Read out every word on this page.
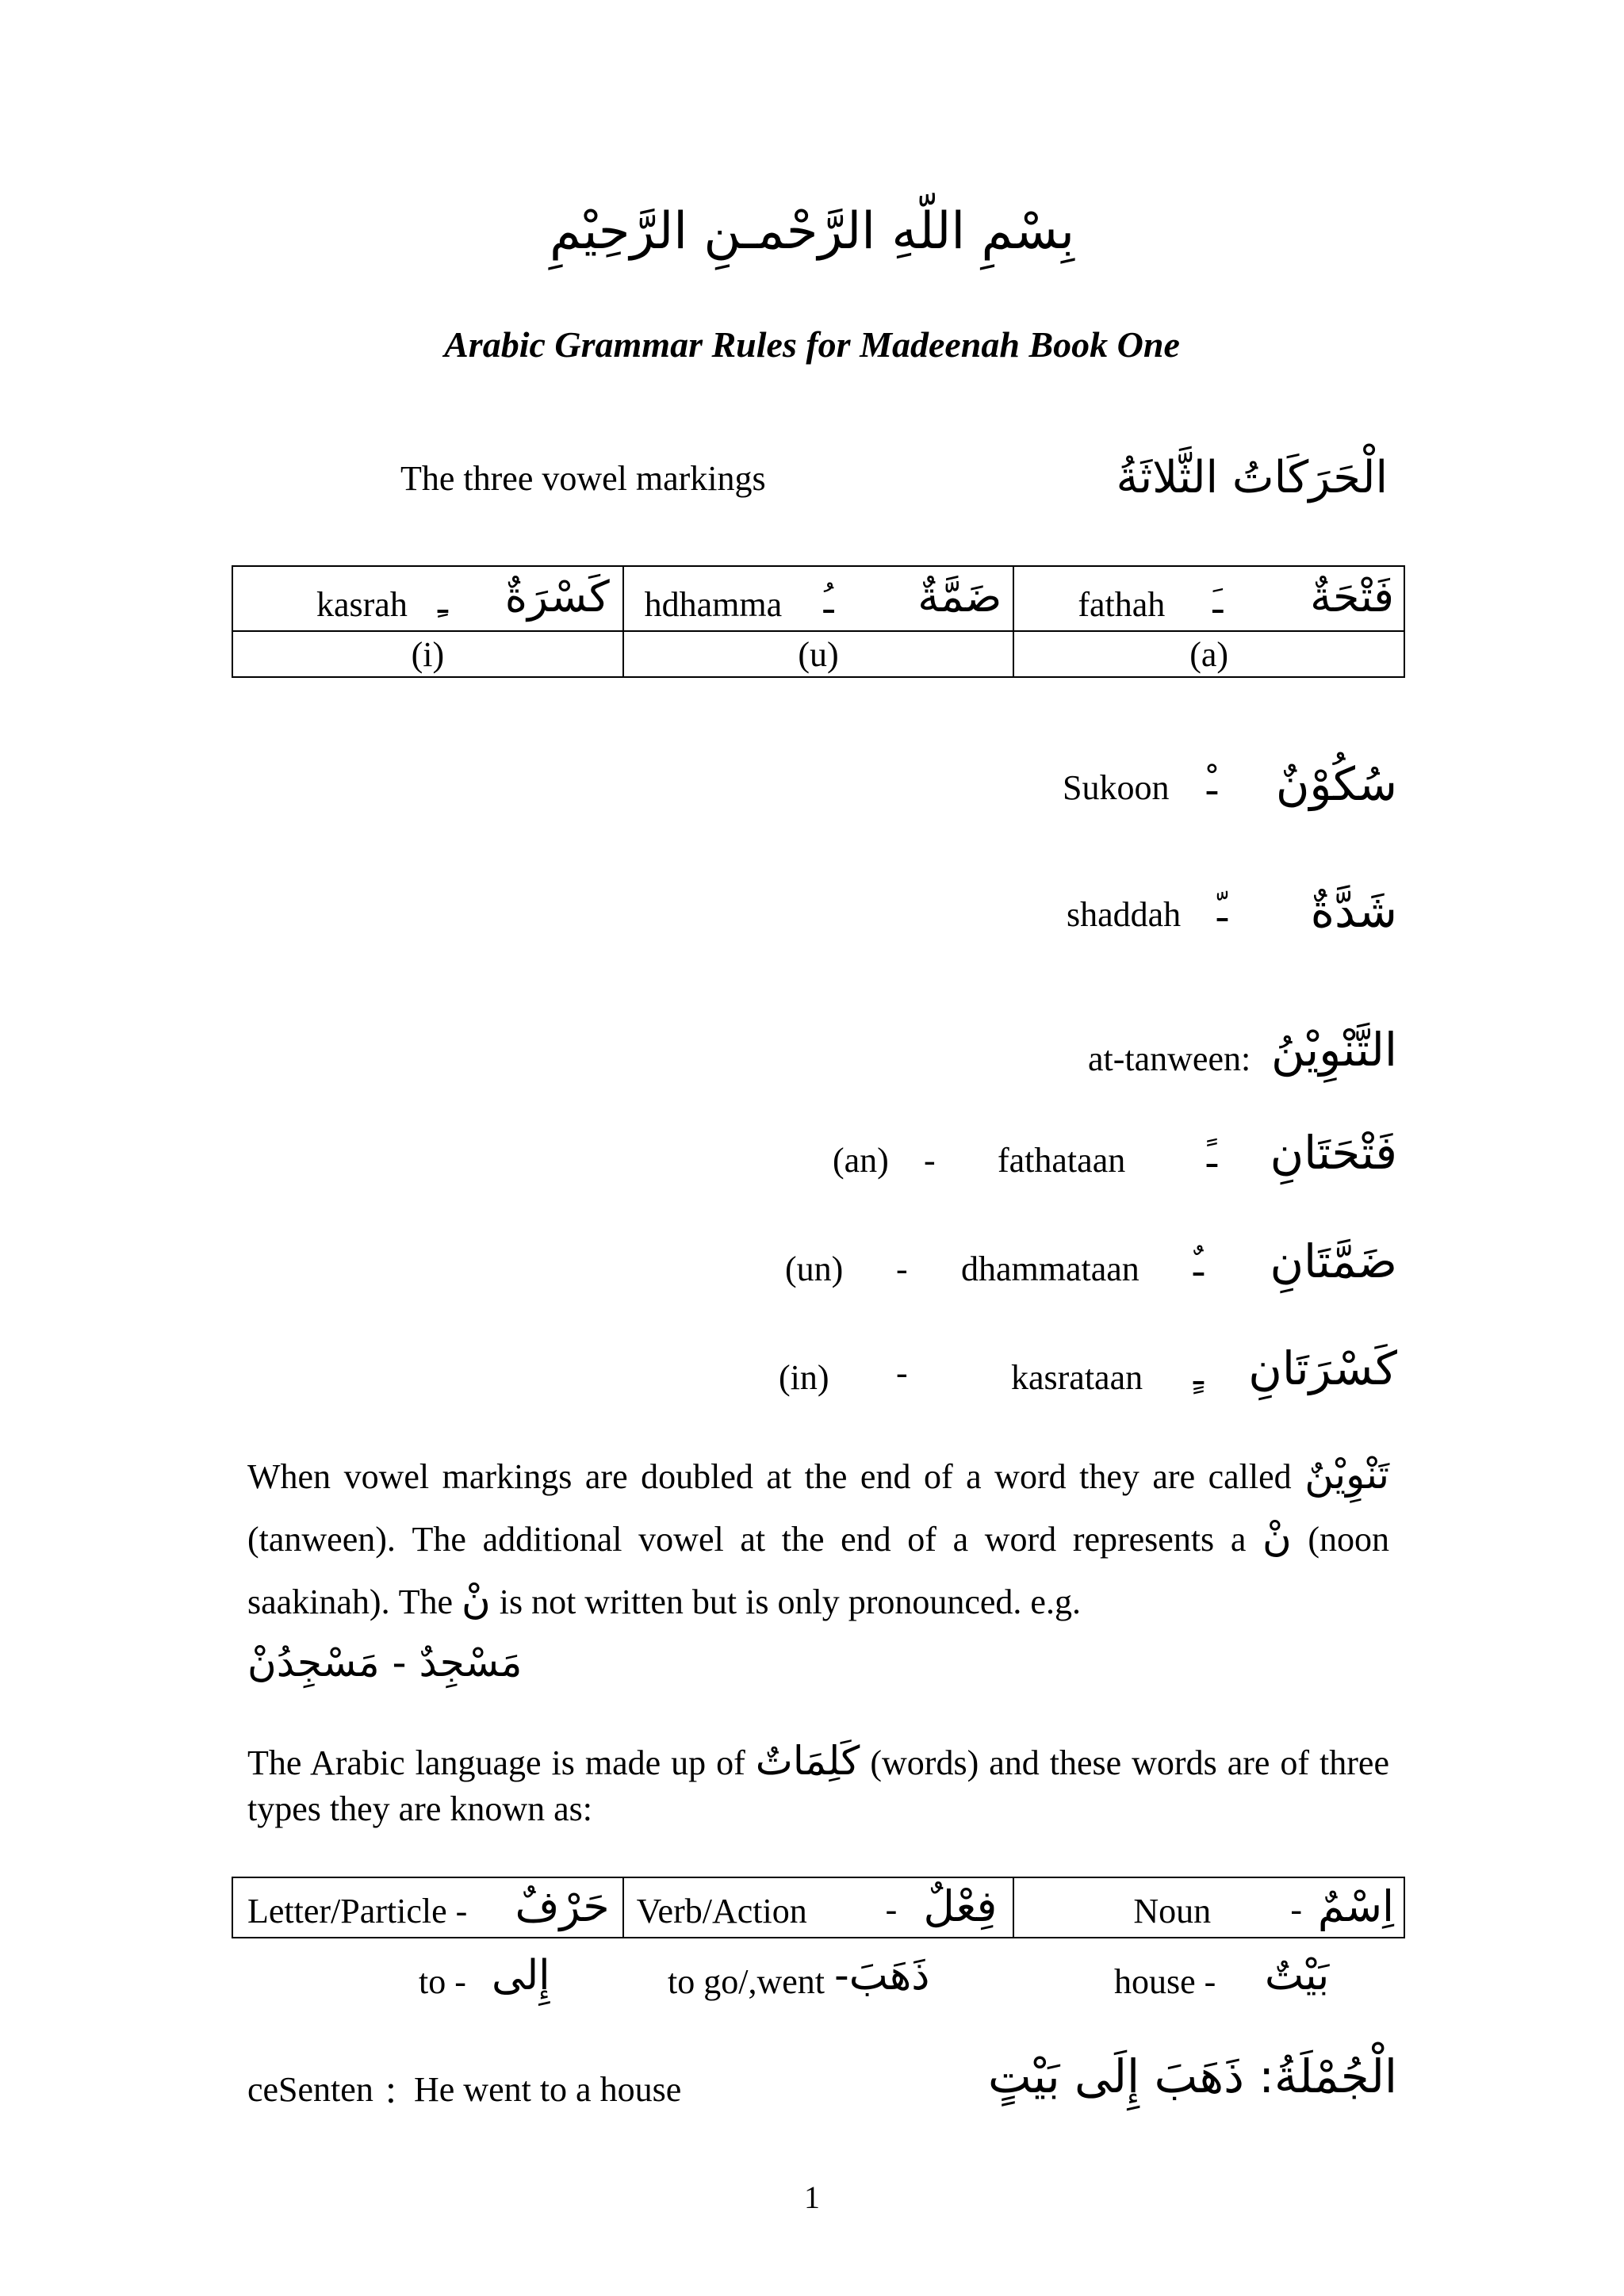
بِسْمِ اللّهِ الرَّحْمـنِ الرَّحِيْمِ
Arabic Grammar Rules for Madeenah Book One
The three vowel markings	الْحَرَكَاتُ الثَّلاثَةُ
kasrah ـِ كَسْرَةٌ	hdhamma ـُ ضَمَّةٌ	fathah ـَ فَتْحَةٌ

(i)	(u)	(a)
Sukoon ـْ	سُكُوْنٌ
shaddah ـّ	شَدَّةٌ
at-tanween: التَّنْوِيْنُ
(an) - fathataan ـً	فَتْحَتَانِ
(un) - dhammataan ـٌ	ضَمَّتَانِ
(in) -	kasrataan ـٍ كَسْرَتَانِ
When vowel markings are doubled at the end of a word they are called تَنْوِيْنٌ (tanween). The additional vowel at the end of a word represents a نْ (noon saakinah). The نْ is not written but is only pronounced. e.g.
مَسْجِدٌ - مَسْجِدُنْ
The Arabic language is made up of كَلِمَاتٌ (words) and these words are of three types they are known as:
Letter/Particle - حَرْفٌ	Verb/Action - فِعْلٌ	Noun - اِسْمٌ
to - إِلى	to go/,went ذَهَبَ-	house - بَيْتٌ
ceSenten : He went to a house	الْجُمْلَةُ: ذَهَبَ إِلَى بَيْتٍ
1
